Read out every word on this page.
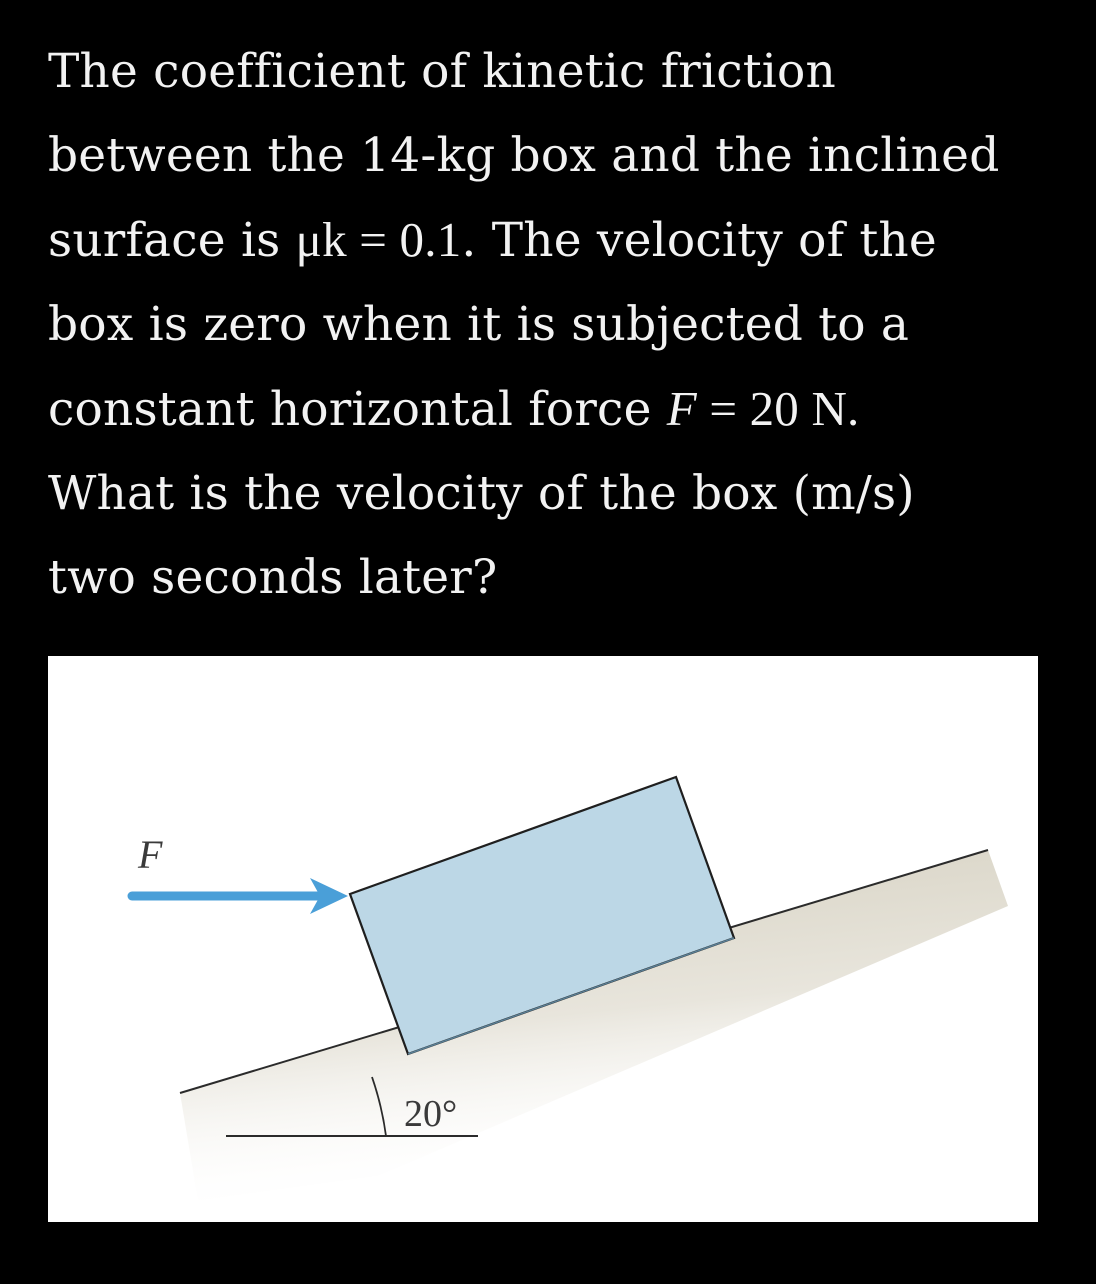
The coefficient of kinetic friction
between the 14-kg box and the inclined
surface is μk = 0.1. The velocity of the
box is zero when it is subjected to a
constant horizontal force F = 20 N.
What is the velocity of the box (m/s)
two seconds later?
F
20°
